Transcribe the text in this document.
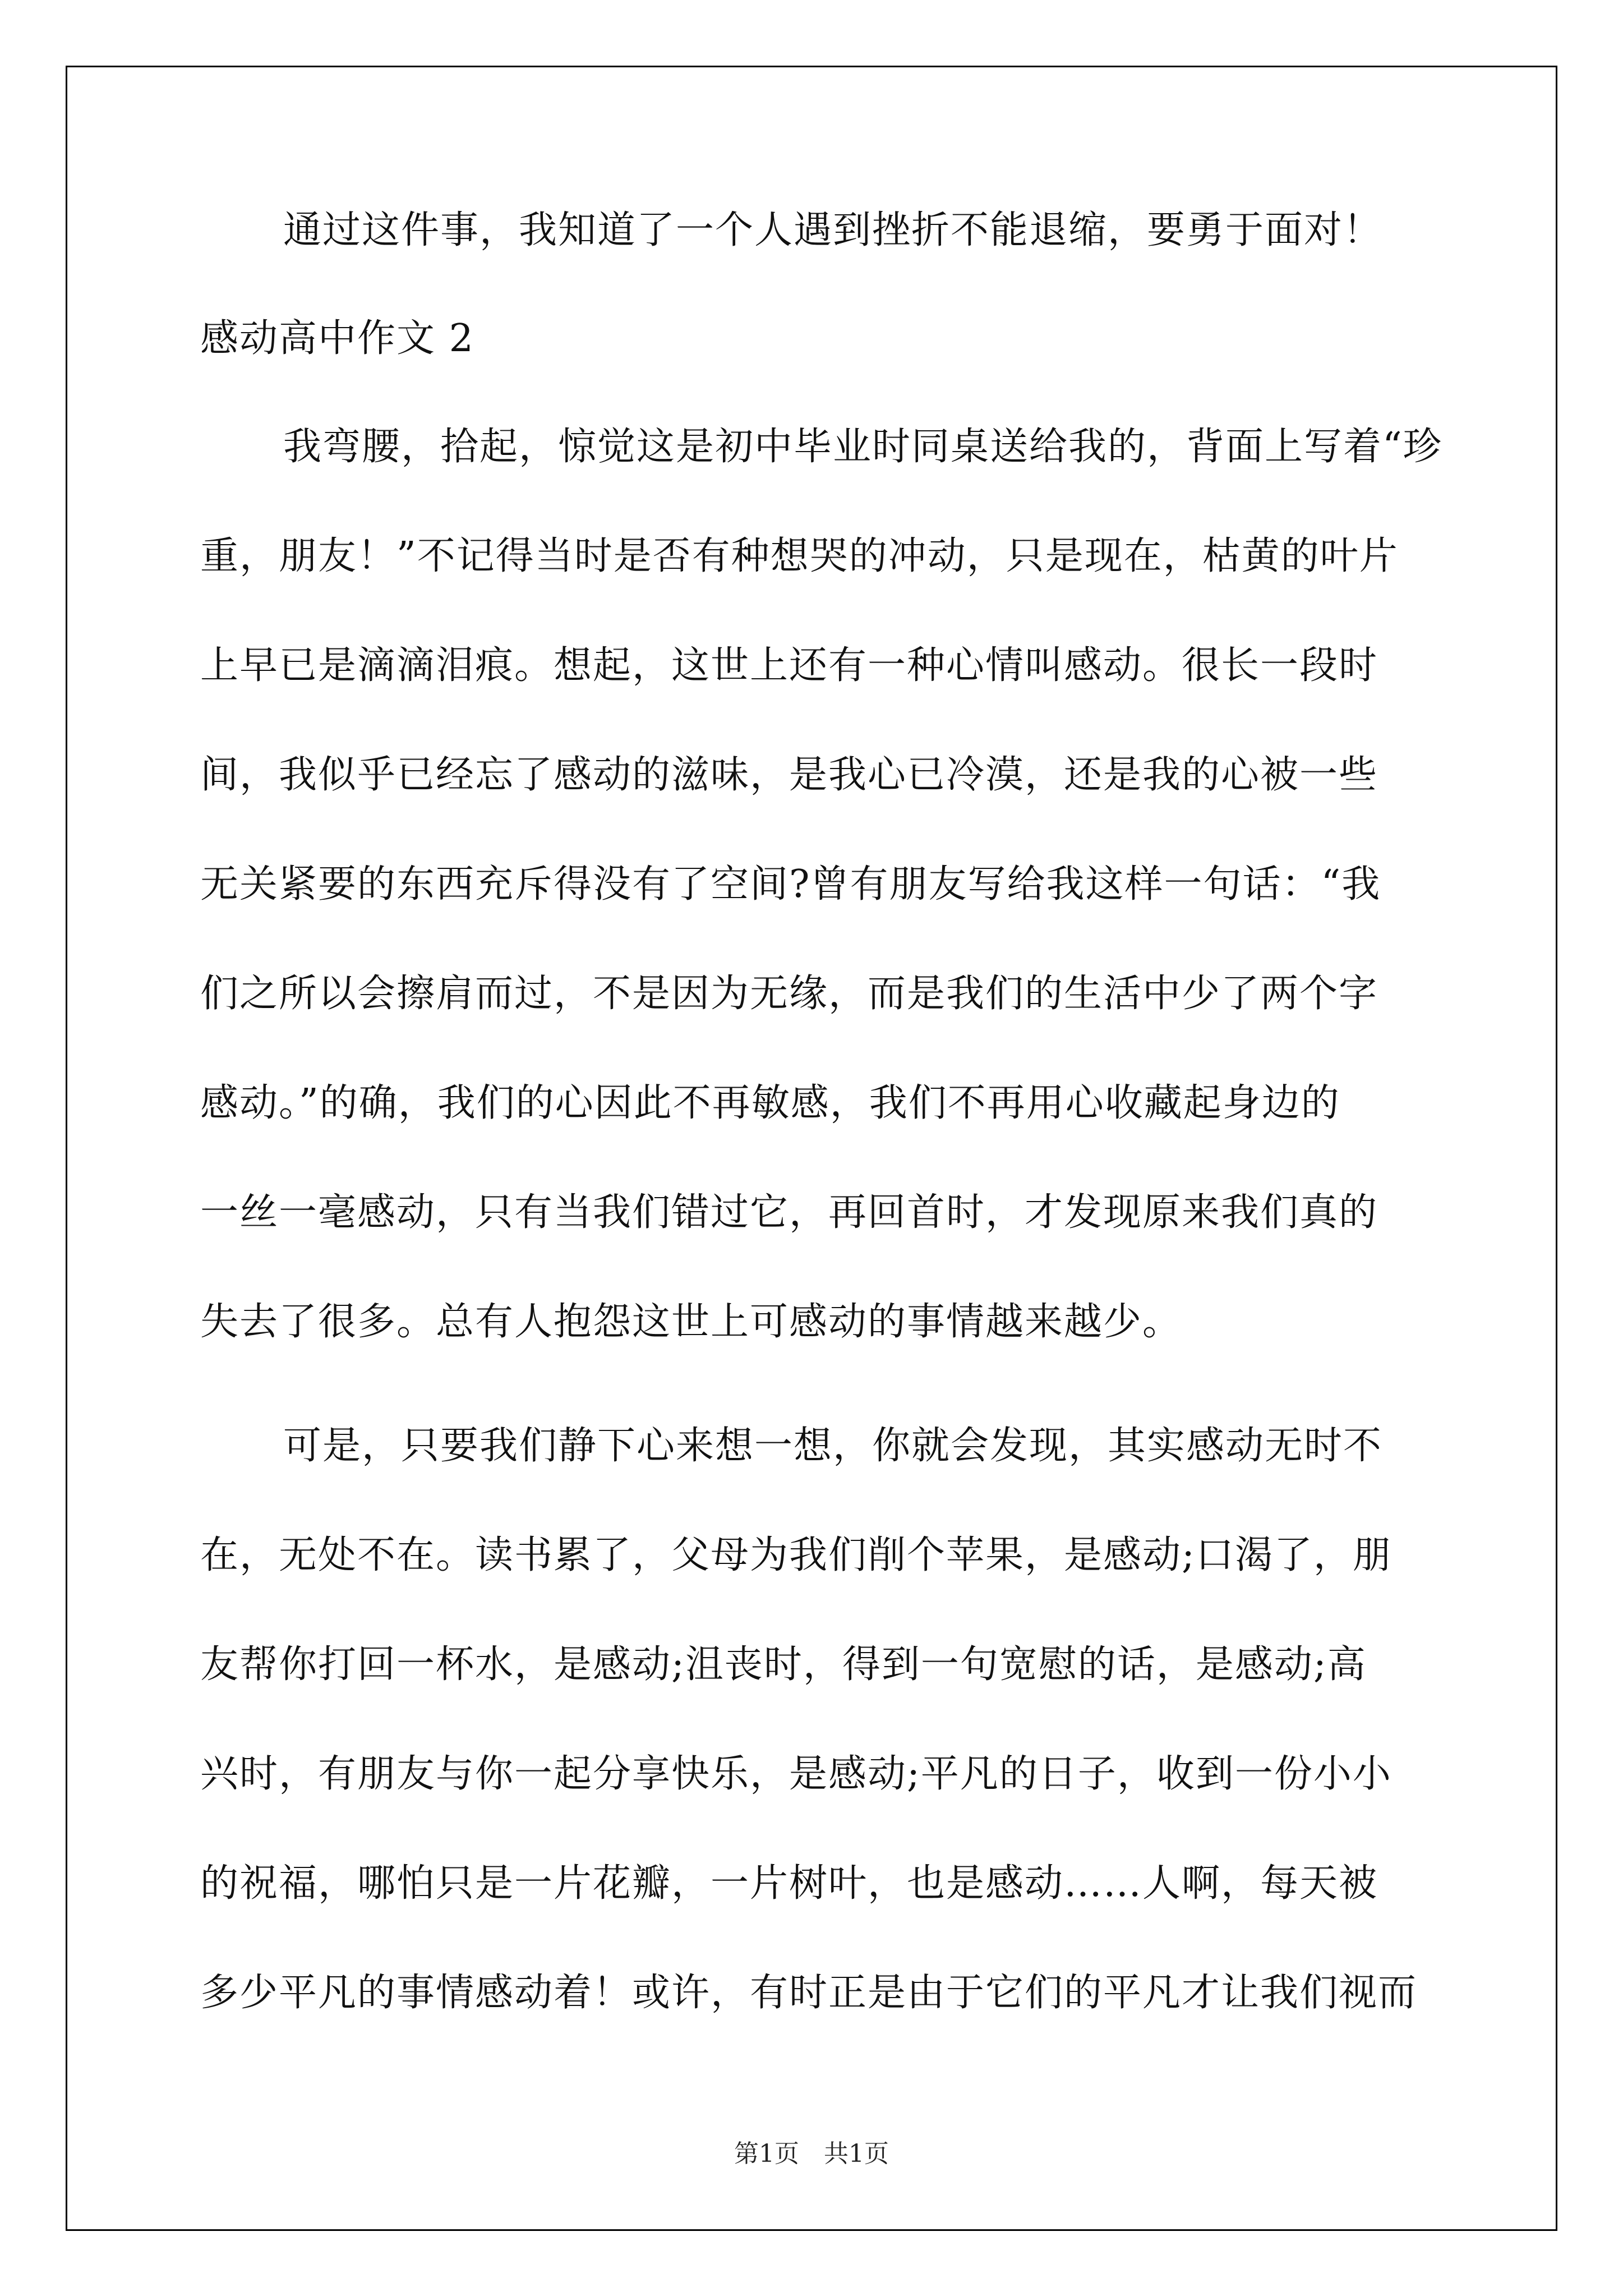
通过这件事，我知道了一个人遇到挫折不能退缩，要勇于面对！
感动高中作文 2
我弯腰，拾起，惊觉这是初中毕业时同桌送给我的，背面上写着“珍
重，朋友！”不记得当时是否有种想哭的冲动，只是现在，枯黄的叶片
上早已是滴滴泪痕。想起，这世上还有一种心情叫感动。很长一段时
间，我似乎已经忘了感动的滋味，是我心已冷漠，还是我的心被一些
无关紧要的东西充斥得没有了空间?曾有朋友写给我这样一句话：“我
们之所以会擦肩而过，不是因为无缘，而是我们的生活中少了两个字
感动。”的确，我们的心因此不再敏感，我们不再用心收藏起身边的
一丝一毫感动，只有当我们错过它，再回首时，才发现原来我们真的
失去了很多。总有人抱怨这世上可感动的事情越来越少。
可是，只要我们静下心来想一想，你就会发现，其实感动无时不
在，无处不在。读书累了，父母为我们削个苹果，是感动;口渴了，朋
友帮你打回一杯水，是感动;沮丧时，得到一句宽慰的话，是感动;高
兴时，有朋友与你一起分享快乐，是感动;平凡的日子，收到一份小小
的祝福，哪怕只是一片花瓣，一片树叶，也是感动……人啊，每天被
多少平凡的事情感动着！或许，有时正是由于它们的平凡才让我们视而
第1页　共1页
